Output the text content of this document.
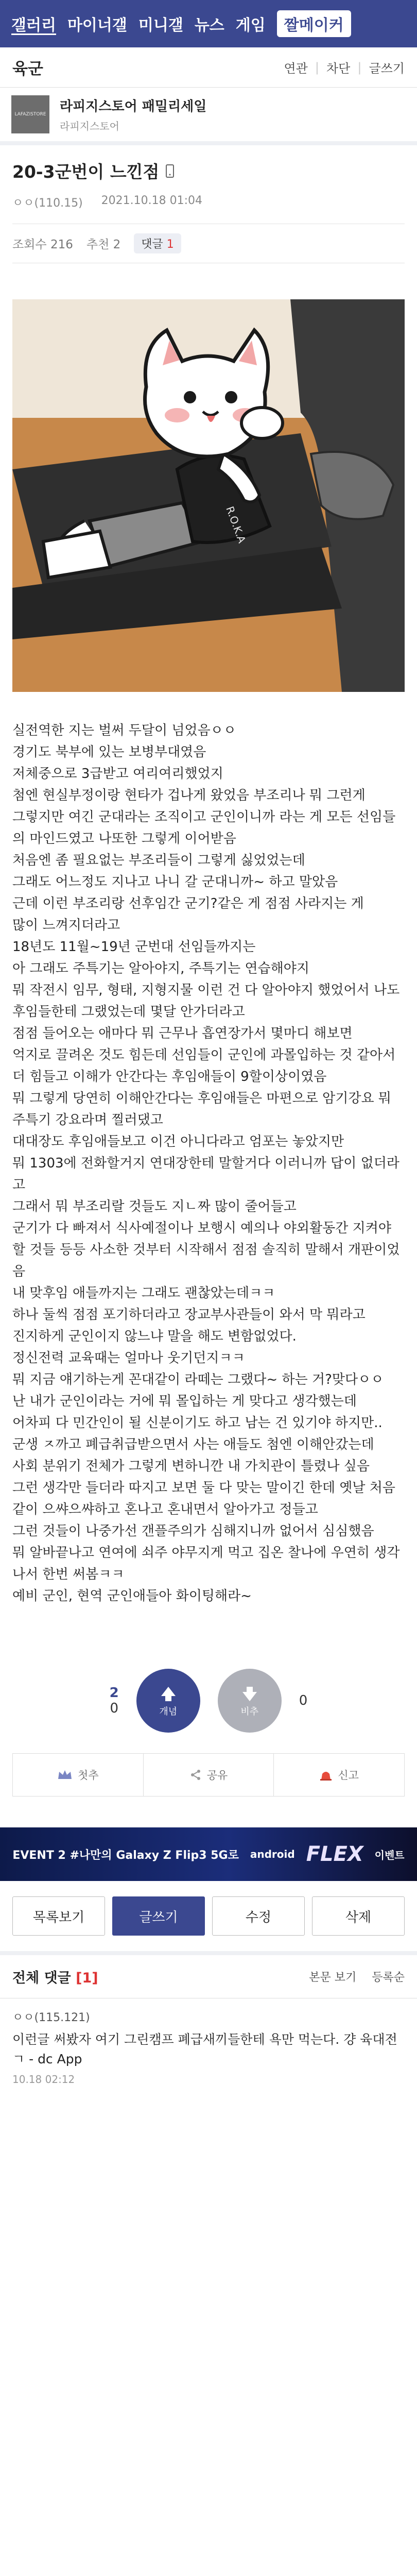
갤러리 마이너갤 미니갤 뉴스 게임	짤메이커
육군	연관 | 차단 | 글쓰기
LAFAZISTORE 라피지스토어 패밀리세일
라피지스토어
20-3군번이 느낀점
ㅇㅇ(110.15) 2021.10.18 01:04
조회수 216 추천 2	댓글 1
R.O.K.A

실전역한 지는 벌써 두달이 넘었음ㅇㅇ

경기도 북부에 있는 보병부대였음

저체중으로 3급받고 여리여리했었지

첨엔 현실부정이랑 현타가 겁나게 왔었음 부조리나 뭐 그런게

그렇지만 여긴 군대라는 조직이고 군인이니까 라는 게 모든 선임들의 마인드였고 나또한 그렇게 이어받음

처음엔 좀 필요없는 부조리들이 그렇게 싫었었는데

그래도 어느정도 지나고 나니 갈 군대니까~ 하고 말았음

근데 이런 부조리랑 선후임간 군기?같은 게 점점 사라지는 게

많이 느껴지더라고

18년도 11월~19년 군번대 선임들까지는

아 그래도 주특기는 알아야지, 주특기는 연습해야지

뭐 작전시 임무, 형태, 지형지물 이런 건 다 알아야지 했었어서 나도 후임들한테 그랬었는데 몇달 안가더라고

점점 들어오는 애마다 뭐 근무나 흡연장가서 몇마디 해보면

억지로 끌려온 것도 힘든데 선임들이 군인에 과몰입하는 것 같아서 더 힘들고 이해가 안간다는 후임애들이 9할이상이였음

뭐 그렇게 당연히 이해안간다는 후임애들은 마편으로 암기강요 뭐 주특기 강요라며 찔러댔고

대대장도 후임애들보고 이건 아니다라고 엄포는 놓았지만

뭐 1303에 전화할거지 연대장한테 말할거다 이러니까 답이 없더라고

그래서 뭐 부조리랄 것들도 지ㄴ짜 많이 줄어들고

군기가 다 빠져서 식사예절이나 보행시 예의나 야외활동간 지켜야 할 것들 등등 사소한 것부터 시작해서 점점 솔직히 말해서 개판이었음

내 맞후임 애들까지는 그래도 괜찮았는데ㅋㅋ

하나 둘씩 점점 포기하더라고 장교부사관들이 와서 막 뭐라고

진지하게 군인이지 않느냐 말을 해도 변함없었다.

정신전력 교육때는 얼마나 웃기던지ㅋㅋ

뭐 지금 얘기하는게 꼰대같이 라떼는 그랬다~ 하는 거?맞다ㅇㅇ

난 내가 군인이라는 거에 뭐 몰입하는 게 맞다고 생각했는데

어차피 다 민간인이 될 신분이기도 하고 남는 건 있기야 하지만..

군생 ㅈ까고 폐급취급받으면서 사는 애들도 첨엔 이해안갔는데

사회 분위기 전체가 그렇게 변하니깐 내 가치관이 틀렸나 싶음

그런 생각만 들더라 따지고 보면 둘 다 맞는 말이긴 한데 옛날 처음같이 으쌰으쌰하고 혼나고 혼내면서 알아가고 정들고

그런 것들이 나중가선 갠플주의가 심해지니까 없어서 심심했음

뭐 알바끝나고 연여에 쇠주 야무지게 먹고 집온 찰나에 우연히 생각나서 한번 써봄ㅋㅋ

예비 군인, 현역 군인애들아 화이팅해라~

2
0	개념	비추
0
첫추	공유	신고
EVENT 2 #나만의 Galaxy Z Flip3 5G로 android FLEX 이벤트
목록보기	글쓰기	수정	삭제
전체 댓글 [1]	본문 보기 등록순
ㅇㅇ(115.121)
이런글 써봤자 여기 그린캠프 폐급새끼들한테 욕만 먹는다. 걍 육대전 ㄱ - dc App
10.18 02:12
